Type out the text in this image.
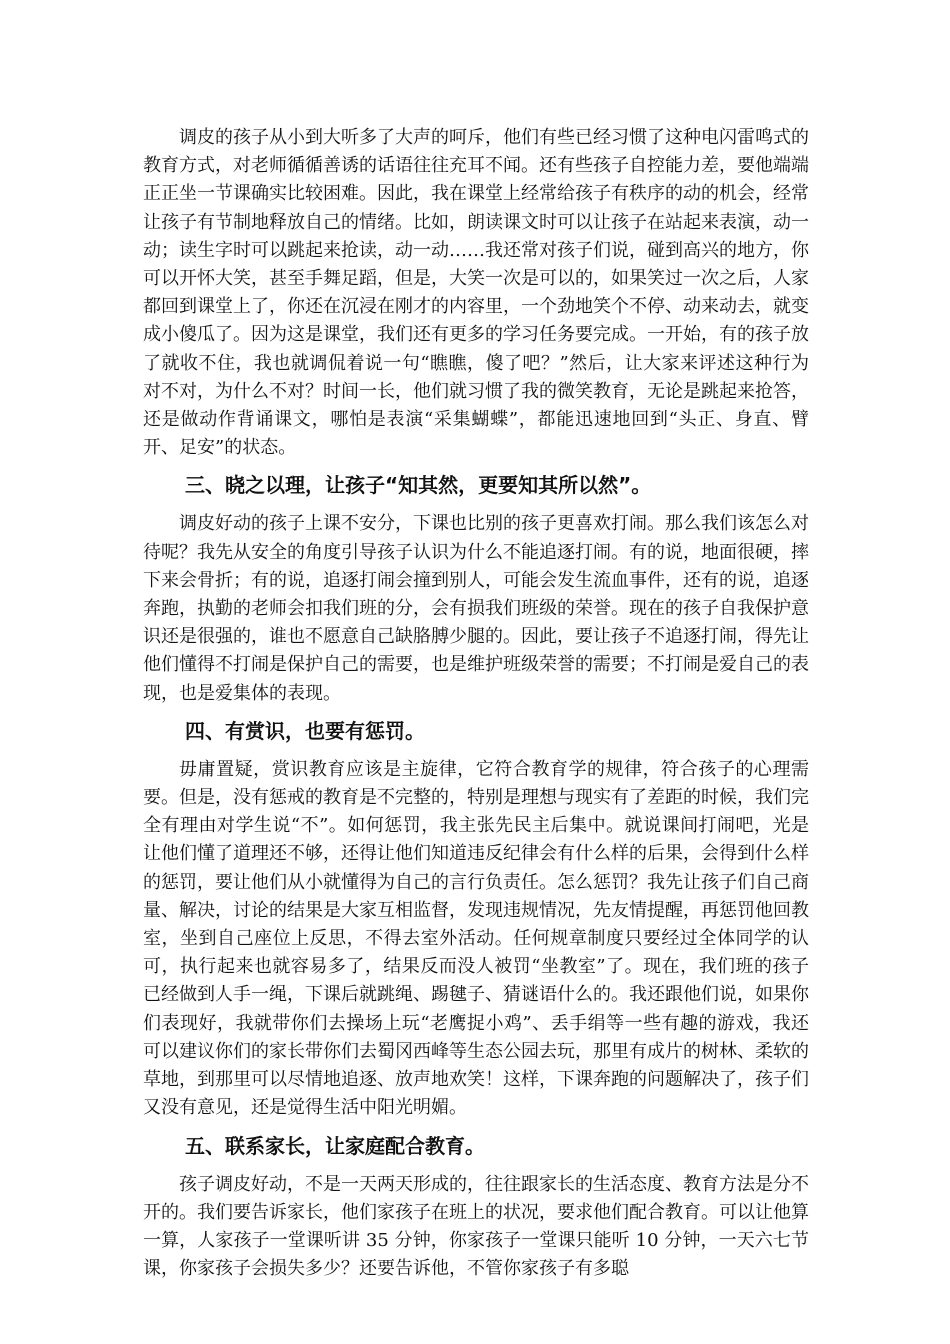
调皮的孩子从小到大听多了大声的呵斥，他们有些已经习惯了这种电闪雷鸣式的教育方式，对老师循循善诱的话语往往充耳不闻。还有些孩子自控能力差，要他端端正正坐一节课确实比较困难。因此，我在课堂上经常给孩子有秩序的动的机会，经常让孩子有节制地释放自己的情绪。比如，朗读课文时可以让孩子在站起来表演，动一动；读生字时可以跳起来抢读，动一动……我还常对孩子们说，碰到高兴的地方，你可以开怀大笑，甚至手舞足蹈，但是，大笑一次是可以的，如果笑过一次之后，人家都回到课堂上了，你还在沉浸在刚才的内容里，一个劲地笑个不停、动来动去，就变成小傻瓜了。因为这是课堂，我们还有更多的学习任务要完成。一开始，有的孩子放了就收不住，我也就调侃着说一句“瞧瞧，傻了吧？”然后，让大家来评述这种行为对不对，为什么不对？时间一长，他们就习惯了我的微笑教育，无论是跳起来抢答，还是做动作背诵课文，哪怕是表演“采集蝴蝶”，都能迅速地回到“头正、身直、臂开、足安”的状态。

三、晓之以理，让孩子“知其然，更要知其所以然”。

调皮好动的孩子上课不安分，下课也比别的孩子更喜欢打闹。那么我们该怎么对待呢？我先从安全的角度引导孩子认识为什么不能追逐打闹。有的说，地面很硬，摔下来会骨折；有的说，追逐打闹会撞到别人，可能会发生流血事件，还有的说，追逐奔跑，执勤的老师会扣我们班的分，会有损我们班级的荣誉。现在的孩子自我保护意识还是很强的，谁也不愿意自己缺胳膊少腿的。因此，要让孩子不追逐打闹，得先让他们懂得不打闹是保护自己的需要，也是维护班级荣誉的需要；不打闹是爱自己的表现，也是爱集体的表现。

四、有赏识，也要有惩罚。

毋庸置疑，赏识教育应该是主旋律，它符合教育学的规律，符合孩子的心理需要。但是，没有惩戒的教育是不完整的，特别是理想与现实有了差距的时候，我们完全有理由对学生说“不”。如何惩罚，我主张先民主后集中。就说课间打闹吧，光是让他们懂了道理还不够，还得让他们知道违反纪律会有什么样的后果，会得到什么样的惩罚，要让他们从小就懂得为自己的言行负责任。怎么惩罚？我先让孩子们自己商量、解决，讨论的结果是大家互相监督，发现违规情况，先友情提醒，再惩罚他回教室，坐到自己座位上反思，不得去室外活动。任何规章制度只要经过全体同学的认可，执行起来也就容易多了，结果反而没人被罚“坐教室”了。现在，我们班的孩子已经做到人手一绳，下课后就跳绳、踢毽子、猜谜语什么的。我还跟他们说，如果你们表现好，我就带你们去操场上玩“老鹰捉小鸡”、丢手绢等一些有趣的游戏，我还可以建议你们的家长带你们去蜀冈西峰等生态公园去玩，那里有成片的树林、柔软的草地，到那里可以尽情地追逐、放声地欢笑！这样，下课奔跑的问题解决了，孩子们又没有意见，还是觉得生活中阳光明媚。

五、联系家长，让家庭配合教育。

孩子调皮好动，不是一天两天形成的，往往跟家长的生活态度、教育方法是分不开的。我们要告诉家长，他们家孩子在班上的状况，要求他们配合教育。可以让他算一算，人家孩子一堂课听讲 35 分钟，你家孩子一堂课只能听 10 分钟，一天六七节课，你家孩子会损失多少？还要告诉他，不管你家孩子有多聪
